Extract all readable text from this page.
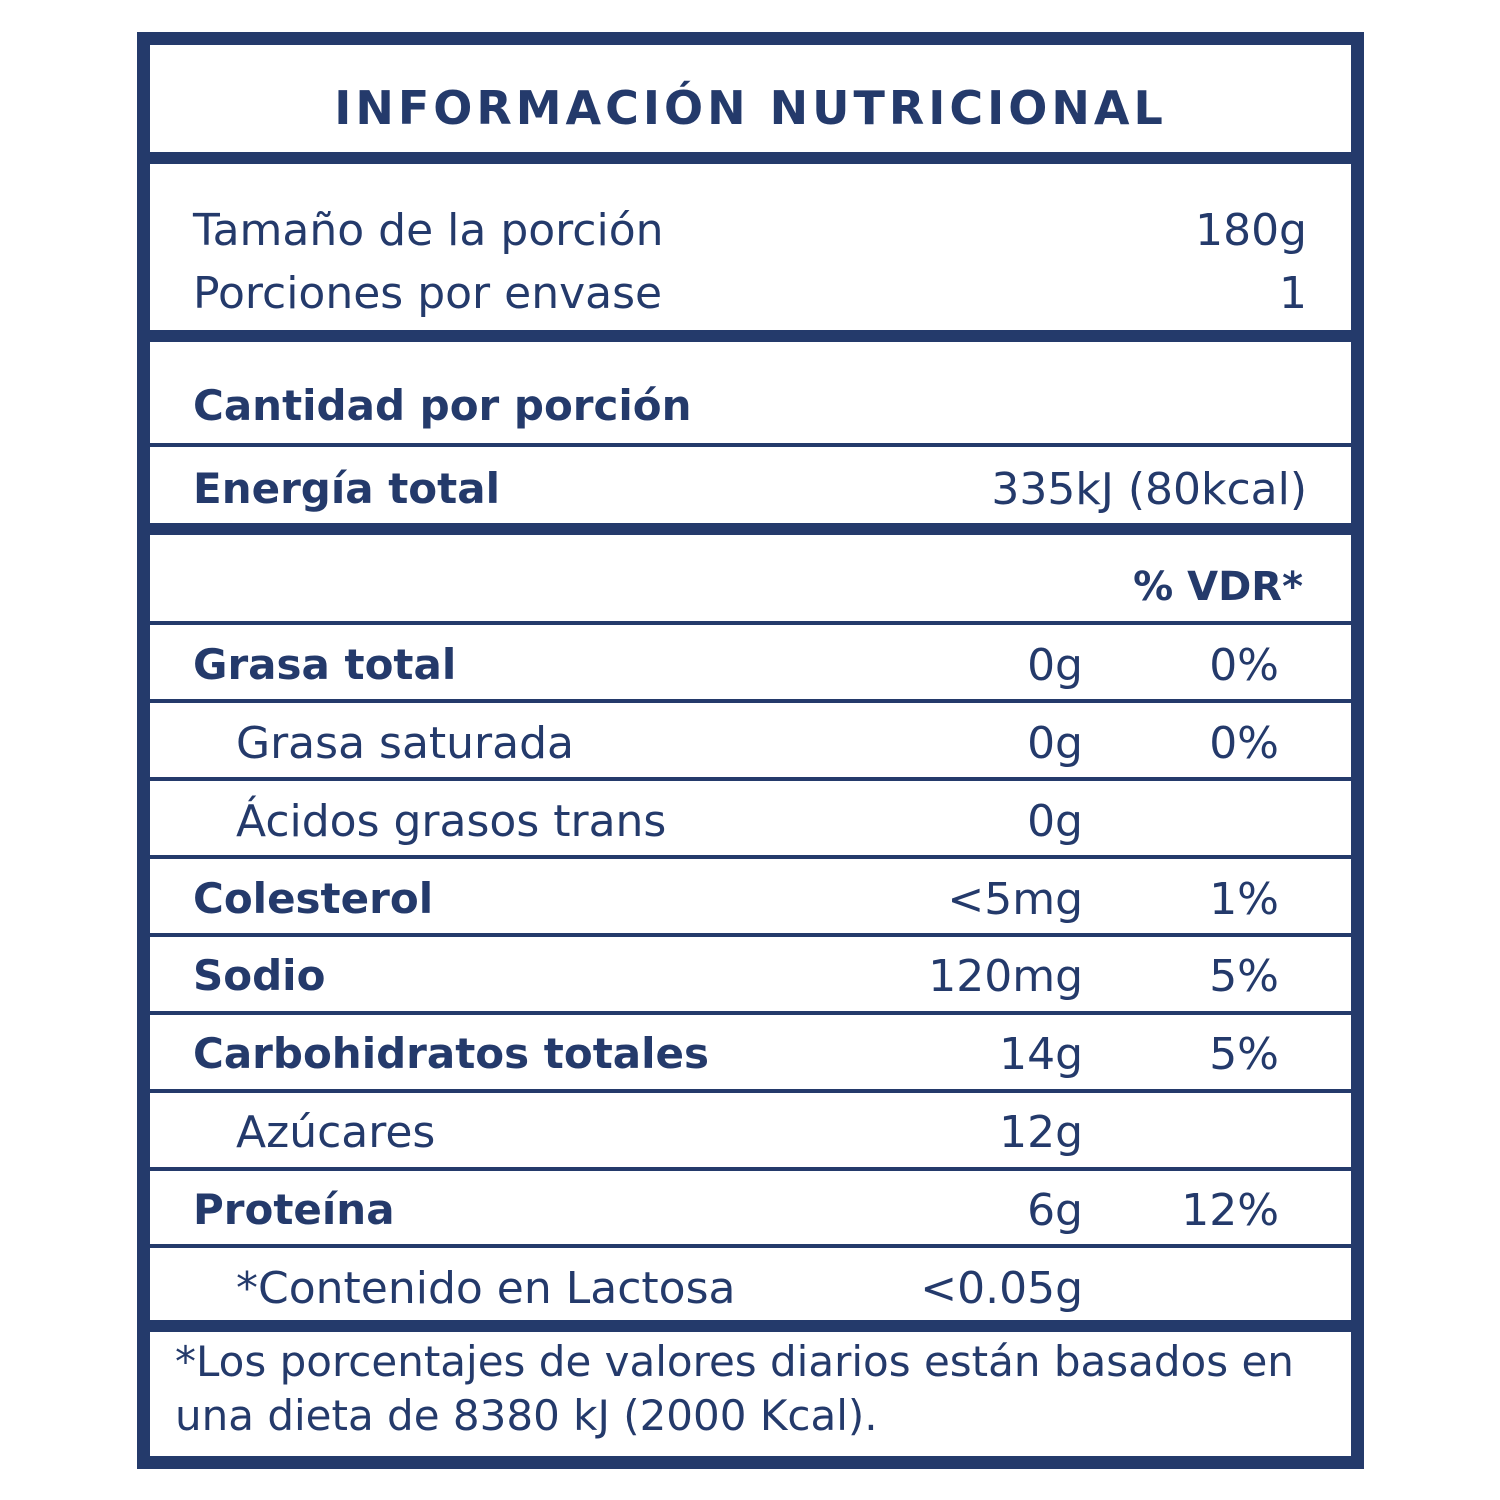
INFORMACIÓN NUTRICIONAL
Tamaño de la porción	180g
Porciones por envase	1
Cantidad por porción
Energía total	335kJ (80kcal)
% VDR*
Grasa total	0g	0%
Grasa saturada	0g	0%
Ácidos grasos trans	0g
Colesterol	<5mg	1%
Sodio	120mg	5%
Carbohidratos totales	14g	5%
Azúcares	12g
Proteína	6g 12%
*Contenido en Lactosa	<0.05g
*Los porcentajes de valores diarios están basados en una dieta de 8380 kJ (2000 Kcal).
